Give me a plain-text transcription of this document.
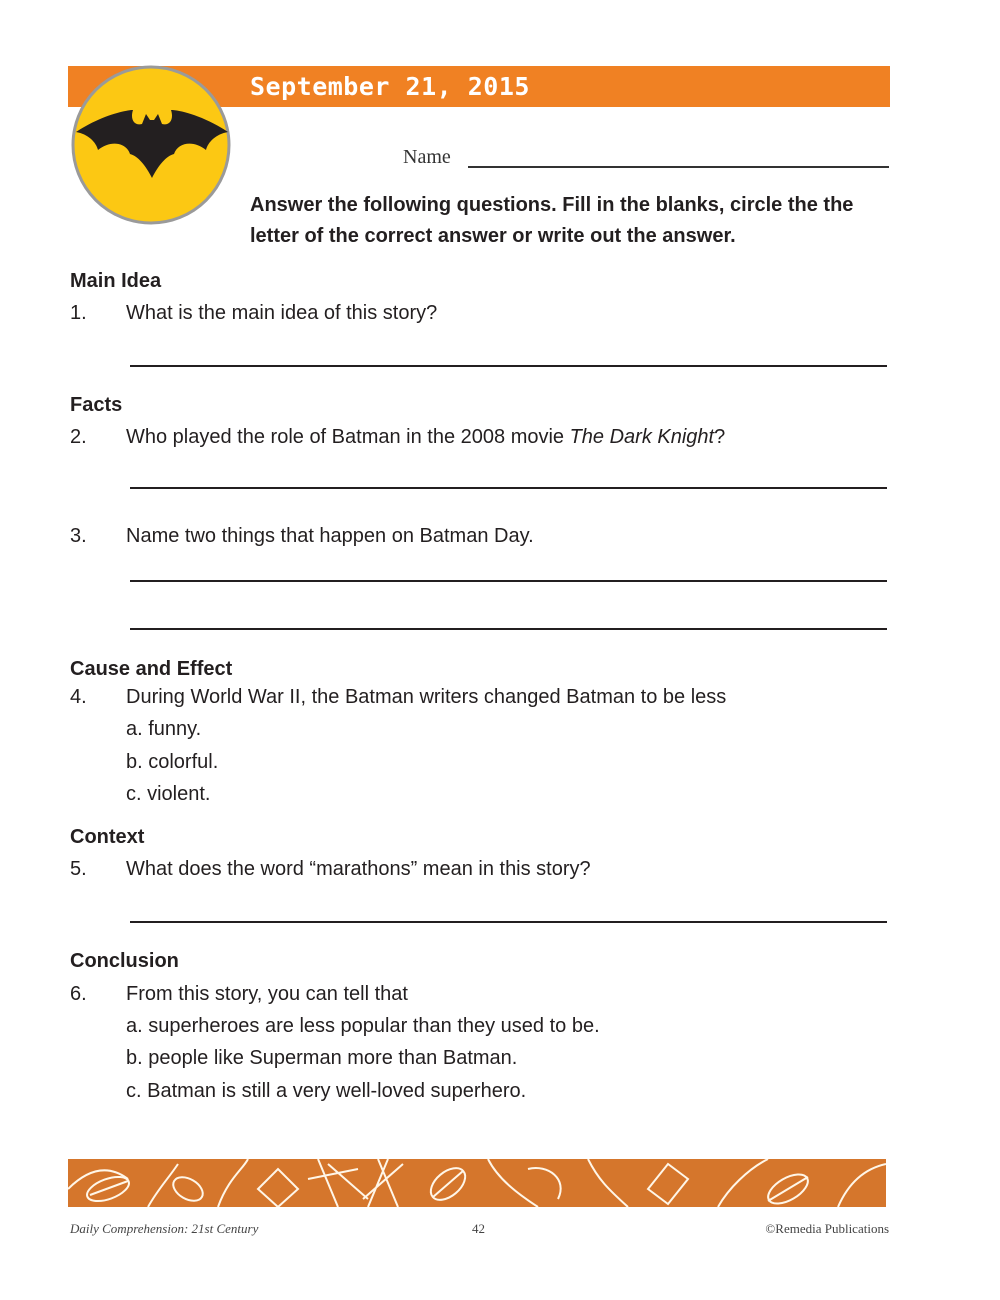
September 21, 2015
Name
Answer the following questions. Fill in the blanks, circle the the letter of the correct answer or write out the answer.
Main Idea
1. What is the main idea of this story?
Facts
2. Who played the role of Batman in the 2008 movie The Dark Knight?
3. Name two things that happen on Batman Day.
Cause and Effect
4. During World War II, the Batman writers changed Batman to be less
a. funny.
b. colorful.
c. violent.
Context
5. What does the word “marathons” mean in this story?
Conclusion
6. From this story, you can tell that
a. superheroes are less popular than they used to be.
b. people like Superman more than Batman.
c. Batman is still a very well-loved superhero.
Daily Comprehension: 21st Century	42	©Remedia Publications
